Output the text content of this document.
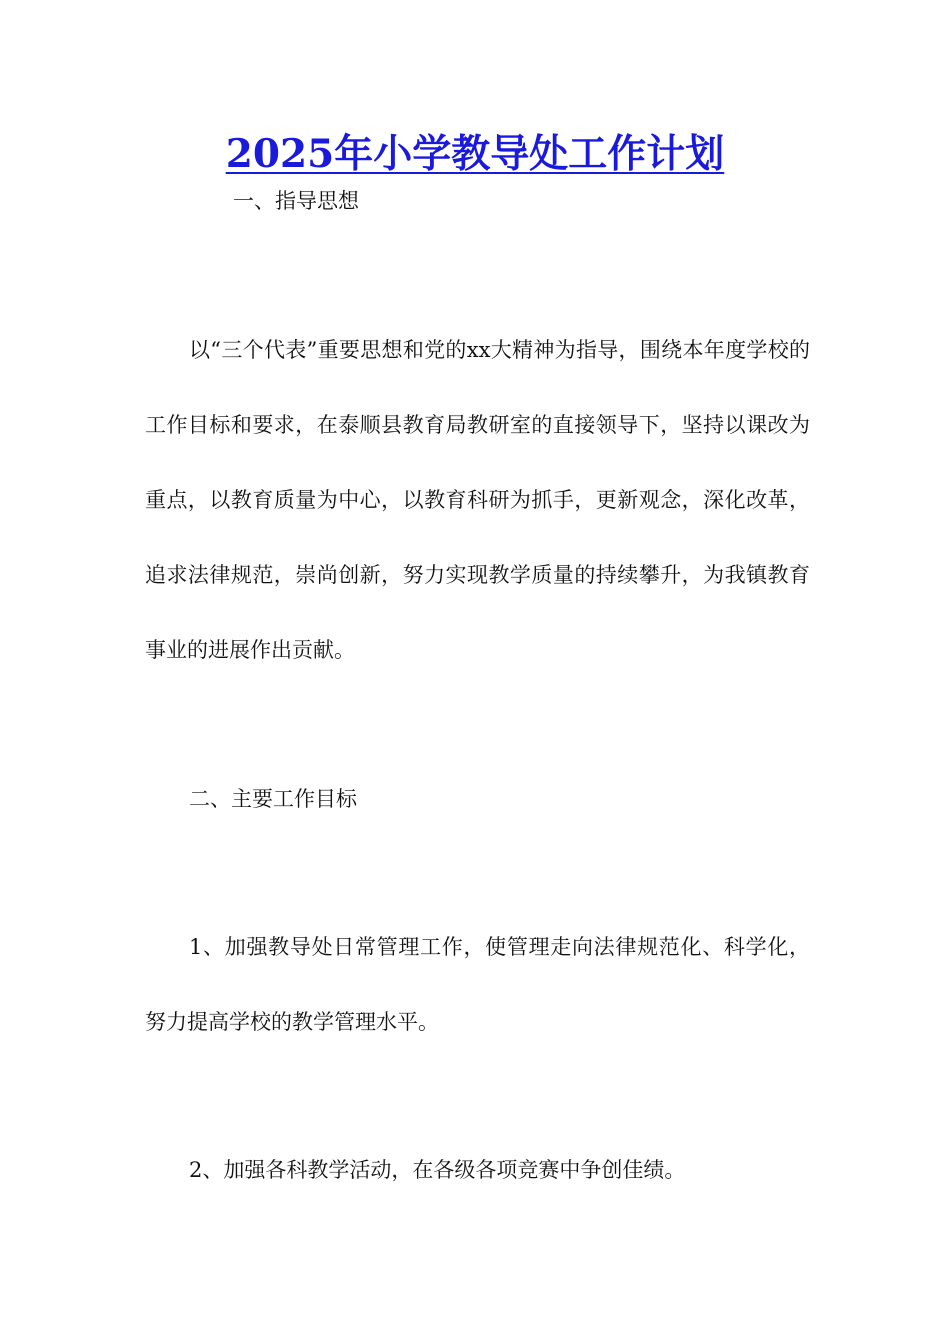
2025年小学教导处工作计划
一、指导思想

以“三个代表”重要思想和党的xx大精神为指导，围绕本年度学校的工作目标和要求，在泰顺县教育局教研室的直接领导下，坚持以课改为重点，以教育质量为中心，以教育科研为抓手，更新观念，深化改革，追求法律规范，崇尚创新，努力实现教学质量的持续攀升，为我镇教育事业的进展作出贡献。

二、主要工作目标

1、加强教导处日常管理工作，使管理走向法律规范化、科学化，努力提高学校的教学管理水平。

2、加强各科教学活动，在各级各项竞赛中争创佳绩。
